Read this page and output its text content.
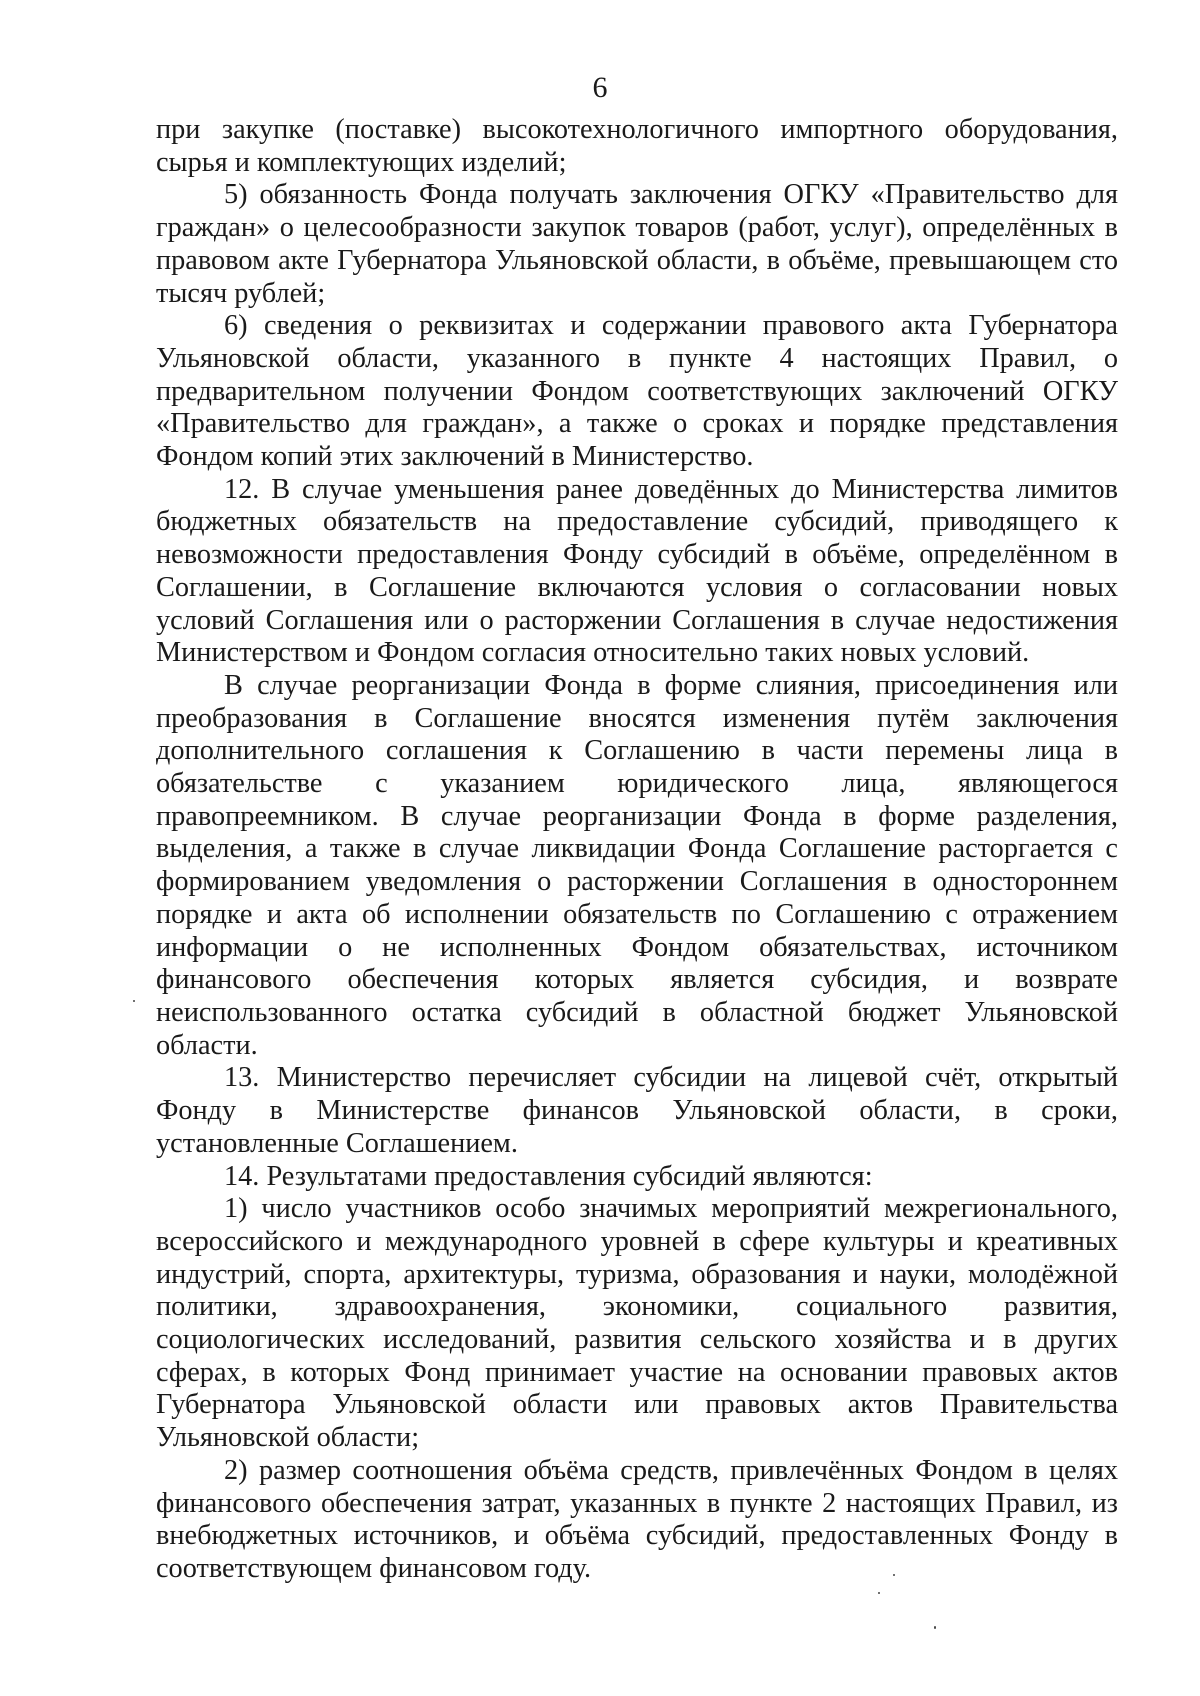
6

при закупке (поставке) высокотехнологичного импортного оборудования, сырья и комплектующих изделий;

5) обязанность Фонда получать заключения ОГКУ «Правительство для граждан» о целесообразности закупок товаров (работ, услуг), определённых в правовом акте Губернатора Ульяновской области, в объёме, превышающем сто тысяч рублей;

6) сведения о реквизитах и содержании правового акта Губернатора Ульяновской области, указанного в пункте 4 настоящих Правил, о предварительном получении Фондом соответствующих заключений ОГКУ «Правительство для граждан», а также о сроках и порядке представления Фондом копий этих заключений в Министерство.

12. В случае уменьшения ранее доведённых до Министерства лимитов бюджетных обязательств на предоставление субсидий, приводящего к невозможности предоставления Фонду субсидий в объёме, определённом в Соглашении, в Соглашение включаются условия о согласовании новых условий Соглашения или о расторжении Соглашения в случае недостижения Министерством и Фондом согласия относительно таких новых условий.

В случае реорганизации Фонда в форме слияния, присоединения или преобразования в Соглашение вносятся изменения путём заключения дополнительного соглашения к Соглашению в части перемены лица в обязательстве с указанием юридического лица, являющегося правопреемником. В случае реорганизации Фонда в форме разделения, выделения, а также в случае ликвидации Фонда Соглашение расторгается с формированием уведомления о расторжении Соглашения в одностороннем порядке и акта об исполнении обязательств по Соглашению с отражением информации о не исполненных Фондом обязательствах, источником финансового обеспечения которых является субсидия, и возврате неиспользованного остатка субсидий в областной бюджет Ульяновской области.

13. Министерство перечисляет субсидии на лицевой счёт, открытый Фонду в Министерстве финансов Ульяновской области, в сроки, установленные Соглашением.

14. Результатами предоставления субсидий являются:

1) число участников особо значимых мероприятий межрегионального, всероссийского и международного уровней в сфере культуры и креативных индустрий, спорта, архитектуры, туризма, образования и науки, молодёжной политики, здравоохранения, экономики, социального развития, социологических исследований, развития сельского хозяйства и в других сферах, в которых Фонд принимает участие на основании правовых актов Губернатора Ульяновской области или правовых актов Правительства Ульяновской области;

2) размер соотношения объёма средств, привлечённых Фондом в целях финансового обеспечения затрат, указанных в пункте 2 настоящих Правил, из внебюджетных источников, и объёма субсидий, предоставленных Фонду в соответствующем финансовом году.
